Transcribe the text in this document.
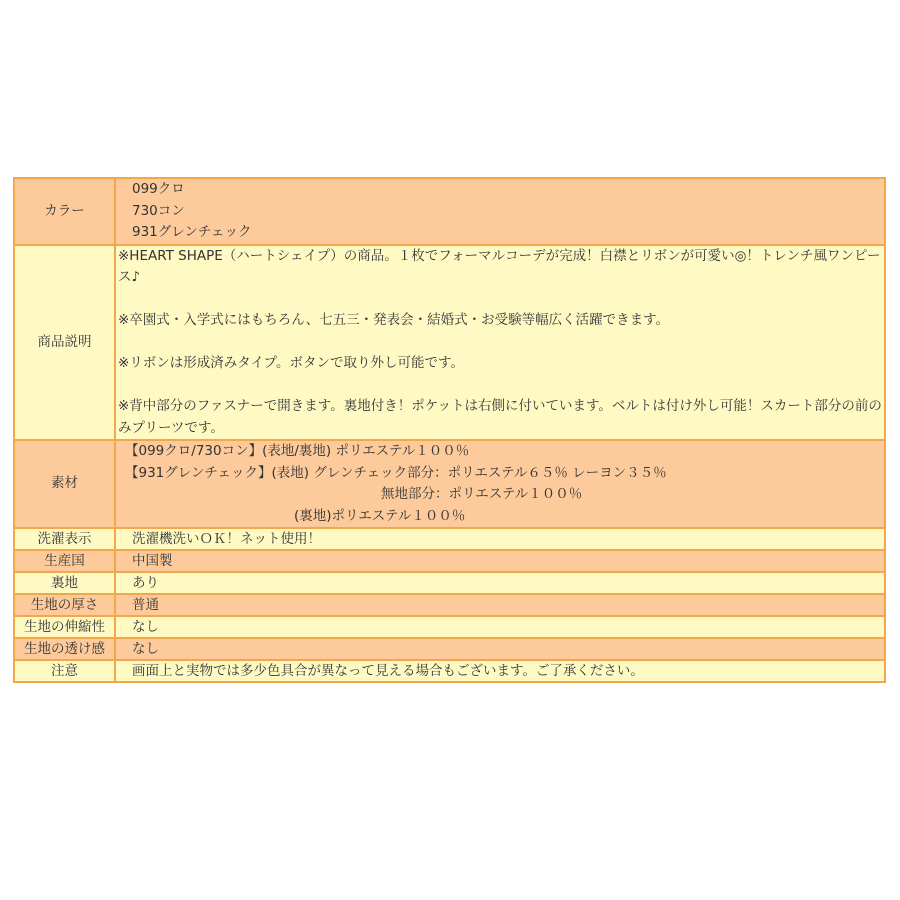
カラー	099クロ
730コン
931グレンチェック

商品説明	※HEART SHAPE（ハートシェイプ）の商品。１枚でフォーマルコーデが完成！白襟とリボンが可愛い◎！トレンチ風ワンピース♪
※卒園式・入学式にはもちろん、七五三・発表会・結婚式・お受験等幅広く活躍できます。
※リボンは形成済みタイプ。ボタンで取り外し可能です。
※背中部分のファスナーで開きます。裏地付き！ポケットは右側に付いています。ベルトは付け外し可能！スカート部分の前のみプリーツです。

素材	【099クロ/730コン】(表地/裏地) ポリエステル１００％
【931グレンチェック】(表地) グレンチェック部分：ポリエステル６５％ レーヨン３５％
無地部分：ポリエステル１００％
(裏地)ポリエステル１００％

洗濯表示	洗濯機洗いＯＫ！ネット使用！
生産国	中国製
裏地	あり
生地の厚さ	普通
生地の伸縮性	なし
生地の透け感	なし
注意	画面上と実物では多少色具合が異なって見える場合もございます。ご了承ください。
